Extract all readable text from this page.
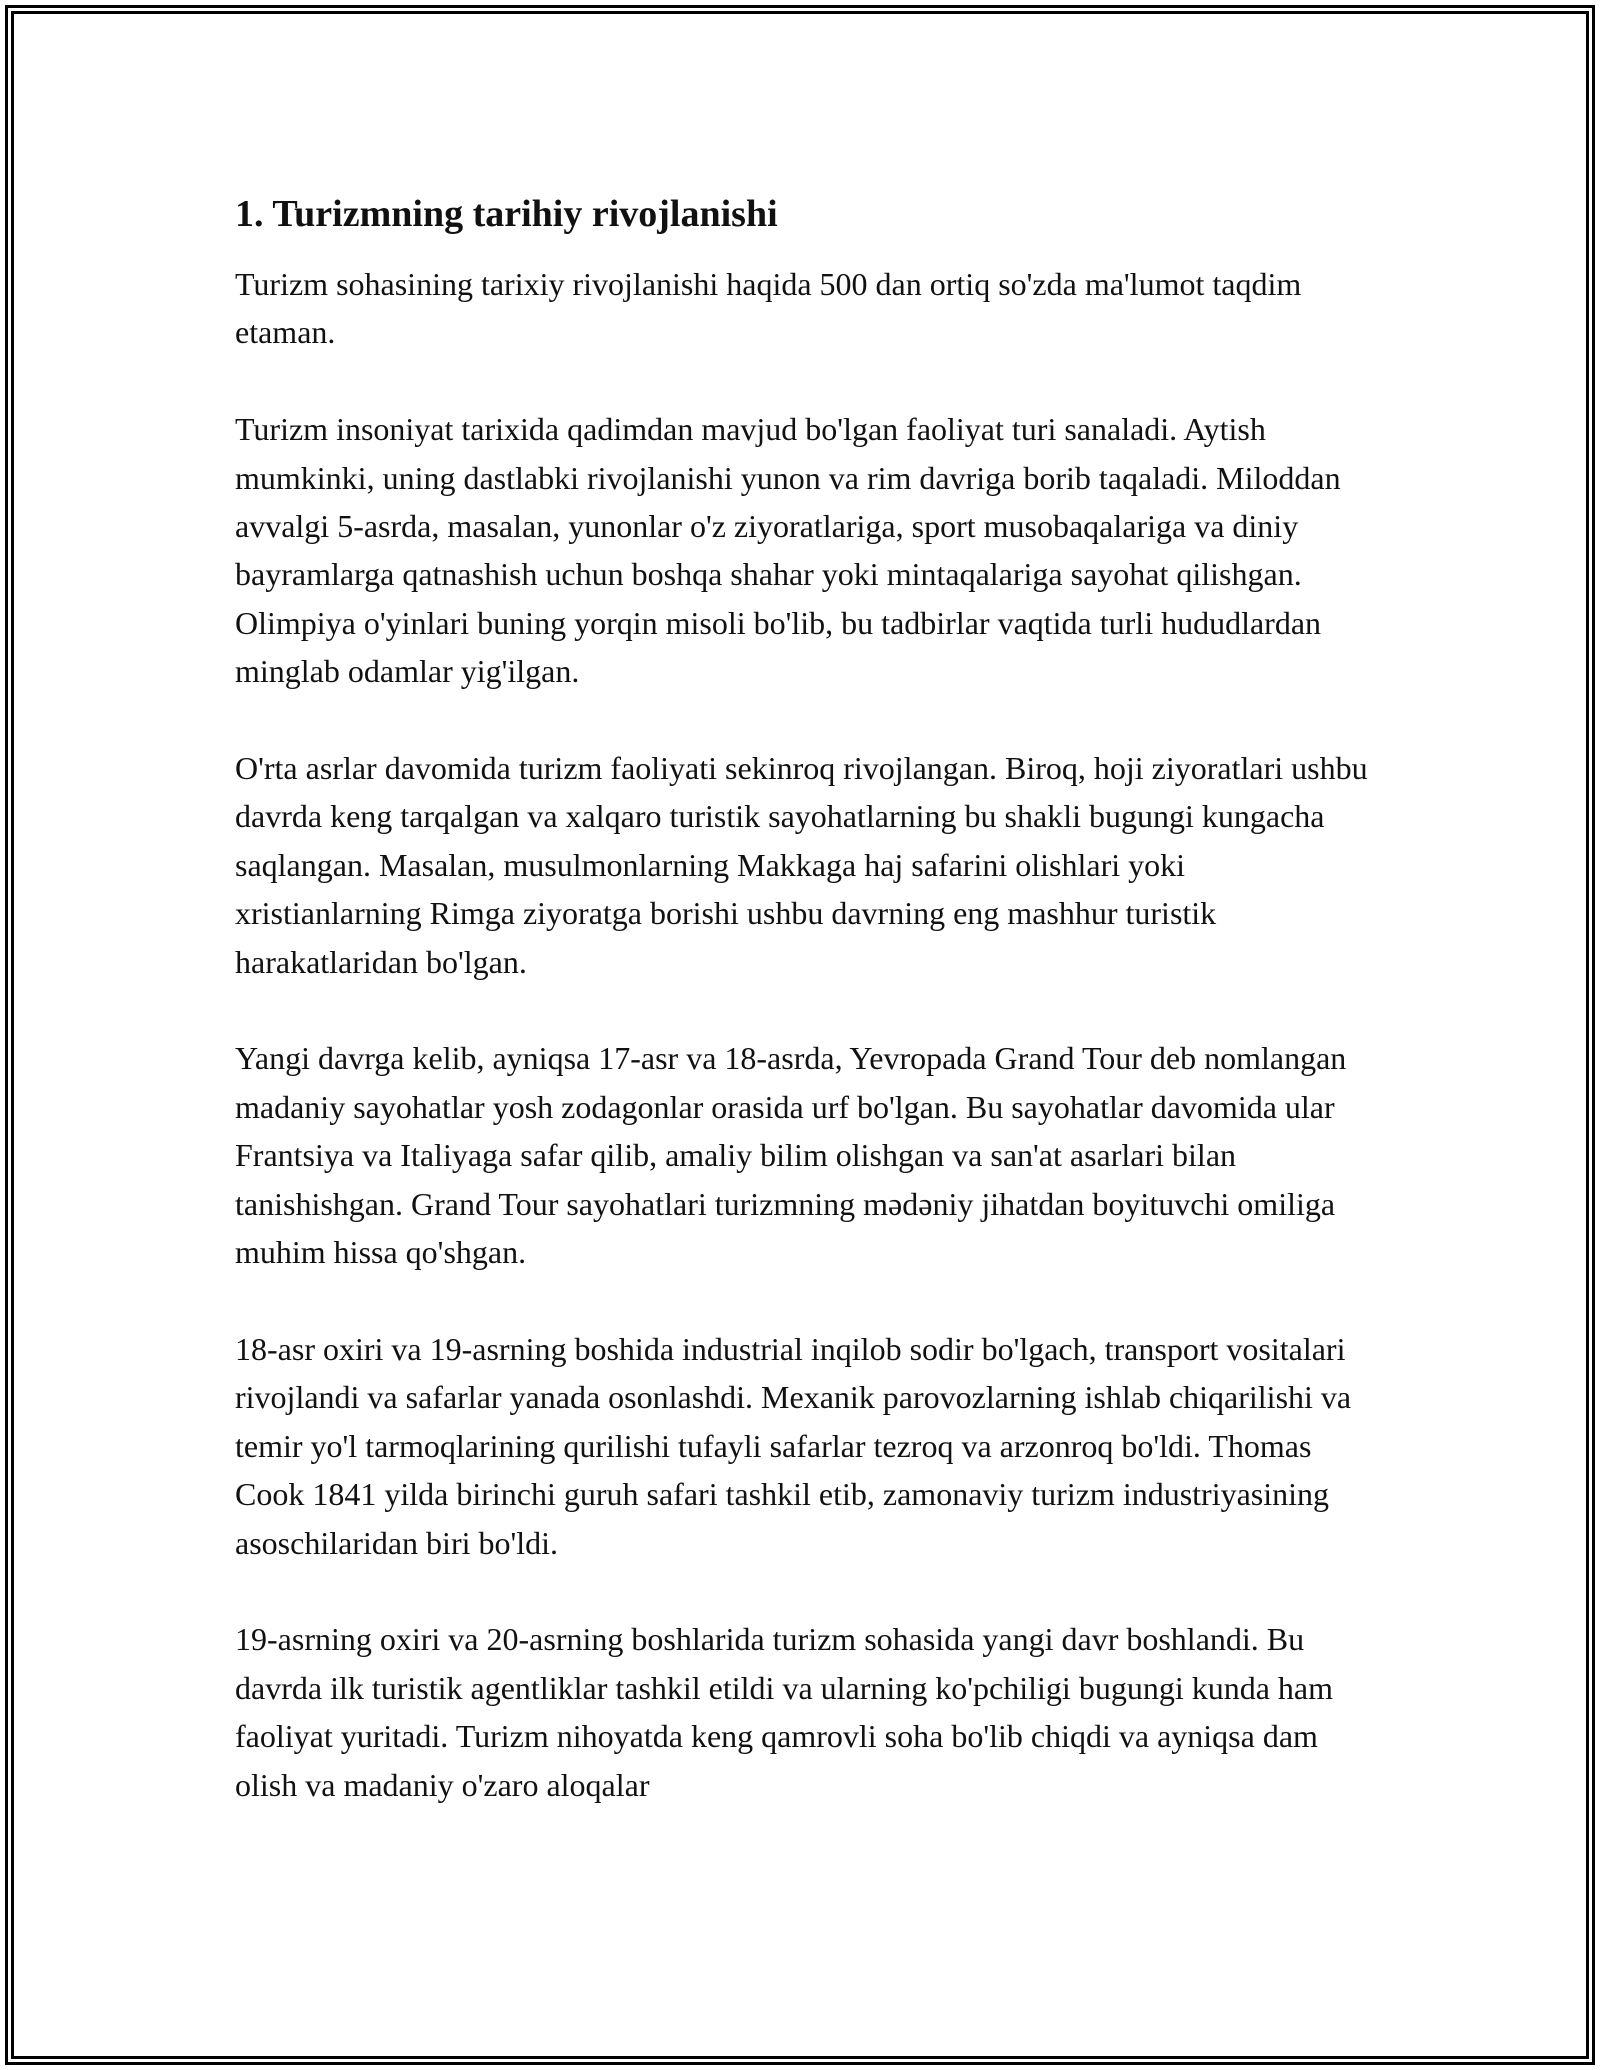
1. Turizmning tarihiy rivojlanishi

Turizm sohasining tarixiy rivojlanishi haqida 500 dan ortiq so'zda ma'lumot taqdim etaman.

Turizm insoniyat tarixida qadimdan mavjud bo'lgan faoliyat turi sanaladi. Aytish mumkinki, uning dastlabki rivojlanishi yunon va rim davriga borib taqaladi. Miloddan avvalgi 5-asrda, masalan, yunonlar o'z ziyoratlariga, sport musobaqalariga va diniy bayramlarga qatnashish uchun boshqa shahar yoki mintaqalariga sayohat qilishgan. Olimpiya o'yinlari buning yorqin misoli bo'lib, bu tadbirlar vaqtida turli hududlardan minglab odamlar yig'ilgan.

O'rta asrlar davomida turizm faoliyati sekinroq rivojlangan. Biroq, hoji ziyoratlari ushbu davrda keng tarqalgan va xalqaro turistik sayohatlarning bu shakli bugungi kungacha saqlangan. Masalan, musulmonlarning Makkaga haj safarini olishlari yoki xristianlarning Rimga ziyoratga borishi ushbu davrning eng mashhur turistik harakatlaridan bo'lgan.

Yangi davrga kelib, ayniqsa 17-asr va 18-asrda, Yevropada Grand Tour deb nomlangan madaniy sayohatlar yosh zodagonlar orasida urf bo'lgan. Bu sayohatlar davomida ular Frantsiya va Italiyaga safar qilib, amaliy bilim olishgan va san'at asarlari bilan tanishishgan. Grand Tour sayohatlari turizmning mədəniy jihatdan boyituvchi omiliga muhim hissa qo'shgan.

18-asr oxiri va 19-asrning boshida industrial inqilob sodir bo'lgach, transport vositalari rivojlandi va safarlar yanada osonlashdi. Mexanik parovozlarning ishlab chiqarilishi va temir yo'l tarmoqlarining qurilishi tufayli safarlar tezroq va arzonroq bo'ldi. Thomas Cook 1841 yilda birinchi guruh safari tashkil etib, zamonaviy turizm industriyasining asoschilaridan biri bo'ldi.

19-asrning oxiri va 20-asrning boshlarida turizm sohasida yangi davr boshlandi. Bu davrda ilk turistik agentliklar tashkil etildi va ularning ko'pchiligi bugungi kunda ham faoliyat yuritadi. Turizm nihoyatda keng qamrovli soha bo'lib chiqdi va ayniqsa dam olish va madaniy o'zaro aloqalar
